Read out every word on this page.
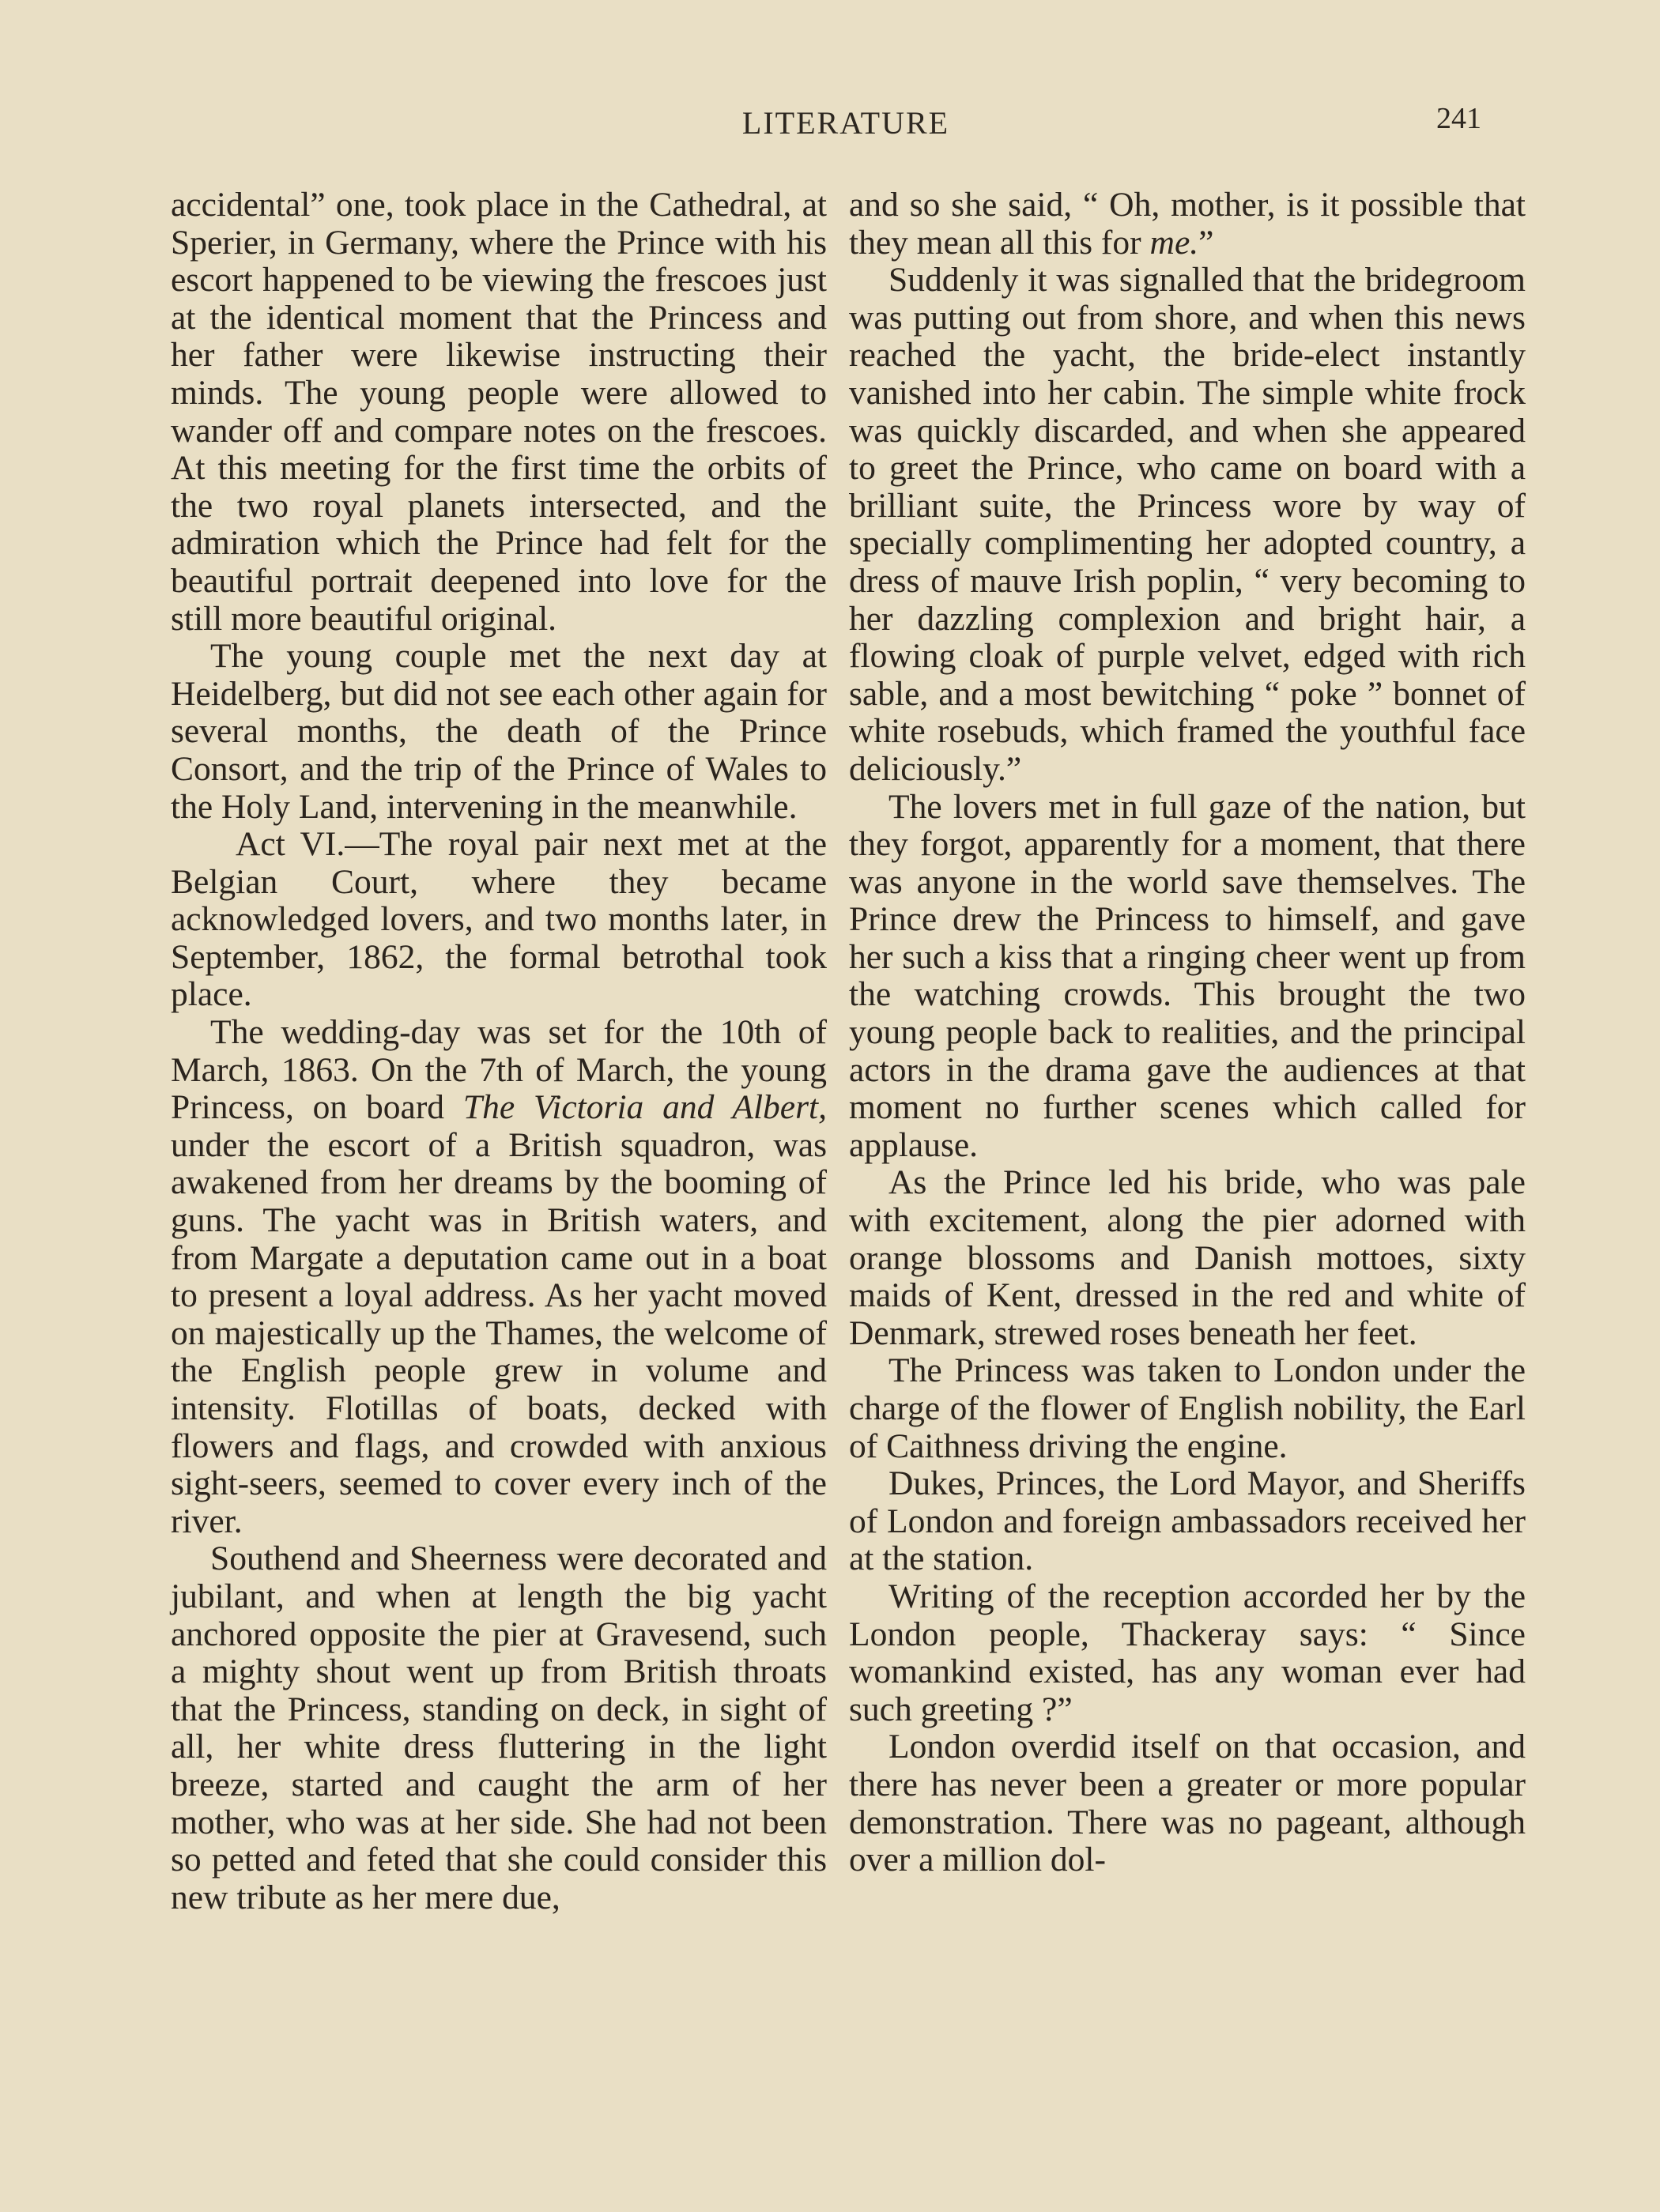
LITERATURE	241

accidental” one, took place in the Cathedral, at Sperier, in Germany, where the Prince with his escort happened to be viewing the frescoes just at the identical moment that the Princess and her father were likewise instructing their minds. The young people were allowed to wander off and compare notes on the frescoes. At this meeting for the first time the orbits of the two royal planets intersected, and the admiration which the Prince had felt for the beautiful portrait deepened into love for the still more beautiful original.

The young couple met the next day at Heidelberg, but did not see each other again for several months, the death of the Prince Consort, and the trip of the Prince of Wales to the Holy Land, intervening in the meanwhile.

Act VI.—The royal pair next met at the Belgian Court, where they became acknowledged lovers, and two months later, in September, 1862, the formal betrothal took place.

The wedding-day was set for the 10th of March, 1863. On the 7th of March, the young Princess, on board The Victoria and Albert, under the escort of a British squadron, was awakened from her dreams by the booming of guns. The yacht was in British waters, and from Margate a deputation came out in a boat to present a loyal address. As her yacht moved on majestically up the Thames, the welcome of the English people grew in volume and intensity. Flotillas of boats, decked with flowers and flags, and crowded with anxious sight-seers, seemed to cover every inch of the river.

Southend and Sheerness were decorated and jubilant, and when at length the big yacht anchored opposite the pier at Gravesend, such a mighty shout went up from British throats that the Princess, standing on deck, in sight of all, her white dress fluttering in the light breeze, started and caught the arm of her mother, who was at her side. She had not been so petted and feted that she could consider this new tribute as her mere due,

and so she said, “ Oh, mother, is it possible that they mean all this for me.”

Suddenly it was signalled that the bridegroom was putting out from shore, and when this news reached the yacht, the bride-elect instantly vanished into her cabin. The simple white frock was quickly discarded, and when she appeared to greet the Prince, who came on board with a brilliant suite, the Princess wore by way of specially complimenting her adopted country, a dress of mauve Irish poplin, “ very becoming to her dazzling complexion and bright hair, a flowing cloak of purple velvet, edged with rich sable, and a most bewitching “ poke ” bonnet of white rosebuds, which framed the youthful face deliciously.”

The lovers met in full gaze of the nation, but they forgot, apparently for a moment, that there was anyone in the world save themselves. The Prince drew the Princess to himself, and gave her such a kiss that a ringing cheer went up from the watching crowds. This brought the two young people back to realities, and the principal actors in the drama gave the audiences at that moment no further scenes which called for applause.

As the Prince led his bride, who was pale with excitement, along the pier adorned with orange blossoms and Danish mottoes, sixty maids of Kent, dressed in the red and white of Denmark, strewed roses beneath her feet.

The Princess was taken to London under the charge of the flower of English nobility, the Earl of Caithness driving the engine.

Dukes, Princes, the Lord Mayor, and Sheriffs of London and foreign ambassadors received her at the station.

Writing of the reception accorded her by the London people, Thackeray says: “ Since womankind existed, has any woman ever had such greeting ?”

London overdid itself on that occasion, and there has never been a greater or more popular demonstration. There was no pageant, although over a million dol-
